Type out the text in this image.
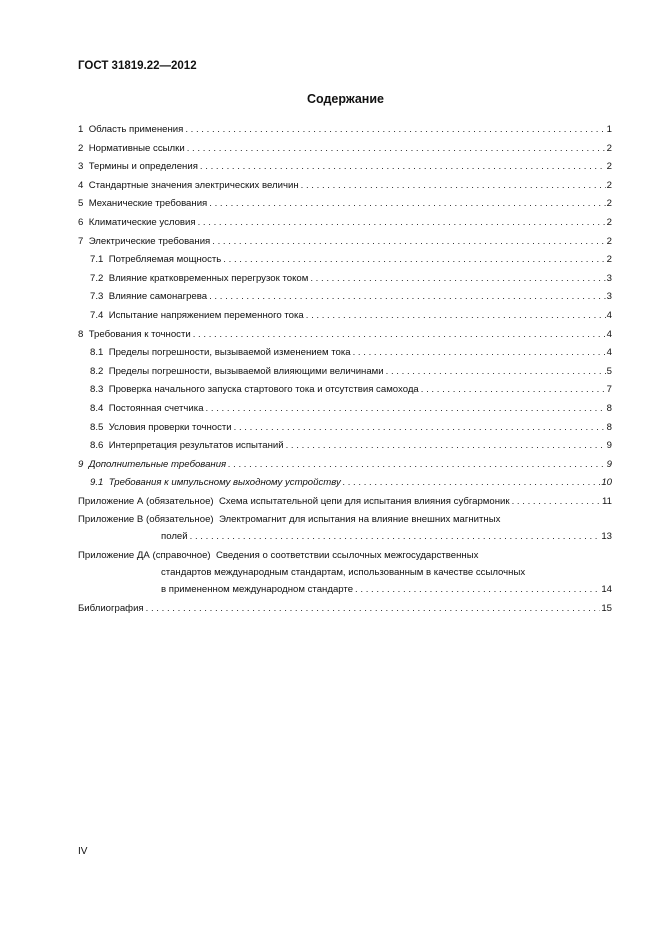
ГОСТ 31819.22—2012
Содержание
1 Область применения . . .	1
2 Нормативные ссылки . . .	2
3 Термины и определения . . .	2
4 Стандартные значения электрических величин . . .	2
5 Механические требования . . .	2
6 Климатические условия . . .	2
7 Электрические требования . . .	2
7.1 Потребляемая мощность . . .	2
7.2 Влияние кратковременных перегрузок током . . .	3
7.3 Влияние самонагрева . . .	3
7.4 Испытание напряжением переменного тока . . .	4
8 Требования к точности . . .	4
8.1 Пределы погрешности, вызываемой изменением тока . . .	4
8.2 Пределы погрешности, вызываемой влияющими величинами . . .	5
8.3 Проверка начального запуска стартового тока и отсутствия самохода . . .	7
8.4 Постоянная счетчика . . .	8
8.5 Условия проверки точности . . .	8
8.6 Интерпретация результатов испытаний . . .	9
9 Дополнительные требования . . .	9
9.1 Требования к импульсному выходному устройству . . .	10
Приложение А (обязательное) Схема испытательной цепи для испытания влияния субгармоник . . .	11
Приложение В (обязательное)
Электромагнит для испытания на влияние внешних магнитных
полей . . .	13
Приложение ДА (справочное)
Сведения о соответствии ссылочных межгосударственных
стандартов международным стандартам, использованным в качестве ссылочных
в примененном международном стандарте . . .	14
Библиография . . .	15
IV
